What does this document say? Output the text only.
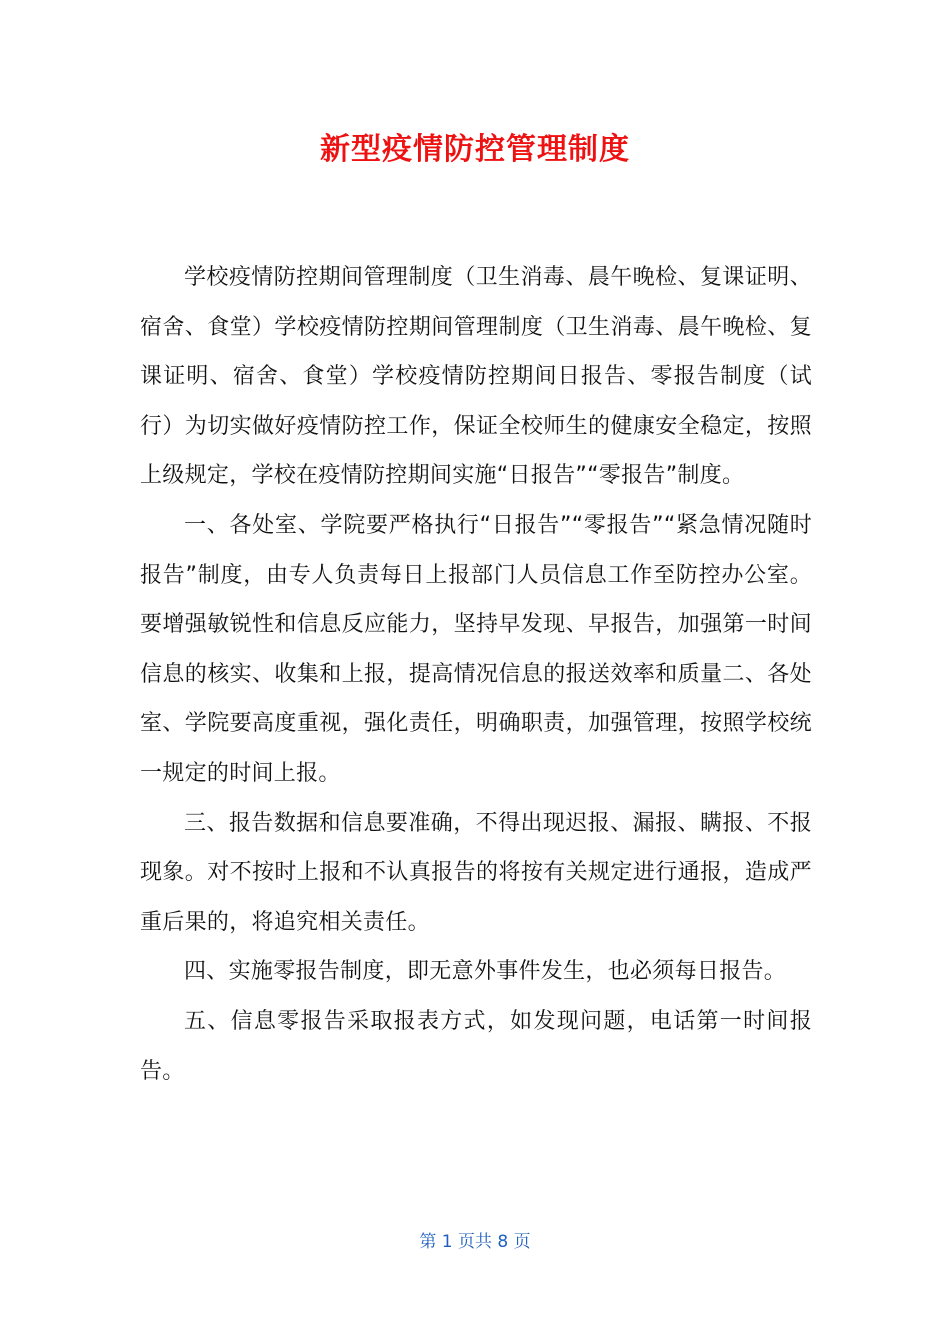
新型疫情防控管理制度

学校疫情防控期间管理制度（卫生消毒、晨午晚检、复课证明、宿舍、食堂）学校疫情防控期间管理制度（卫生消毒、晨午晚检、复课证明、宿舍、食堂）学校疫情防控期间日报告、零报告制度（试行）为切实做好疫情防控工作，保证全校师生的健康安全稳定，按照上级规定，学校在疫情防控期间实施“日报告”“零报告”制度。

一、各处室、学院要严格执行“日报告”“零报告”“紧急情况随时报告”制度，由专人负责每日上报部门人员信息工作至防控办公室。要增强敏锐性和信息反应能力，坚持早发现、早报告，加强第一时间信息的核实、收集和上报，提高情况信息的报送效率和质量二、各处室、学院要高度重视，强化责任，明确职责，加强管理，按照学校统一规定的时间上报。

三、报告数据和信息要准确，不得出现迟报、漏报、瞒报、不报现象。对不按时上报和不认真报告的将按有关规定进行通报，造成严重后果的，将追究相关责任。

四、实施零报告制度，即无意外事件发生，也必须每日报告。

五、信息零报告采取报表方式，如发现问题，电话第一时间报告。

第 1 页共 8 页
